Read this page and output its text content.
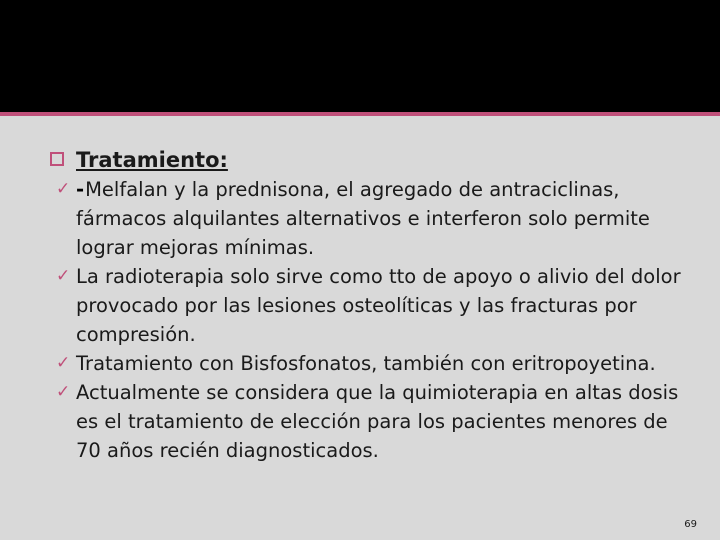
Tratamiento:
✓ -Melfalan y la prednisona, el agregado de antraciclinas, fármacos alquilantes alternativos e interferon solo permite lograr mejoras mínimas.
✓ La radioterapia solo sirve como tto de apoyo o alivio del dolor provocado por las lesiones osteolíticas y las fracturas por compresión.
✓ Tratamiento con Bisfosfonatos, también con eritropoyetina.
✓ Actualmente se considera que la quimioterapia en altas dosis es el tratamiento de elección para los pacientes menores de 70 años recién diagnosticados.
69
